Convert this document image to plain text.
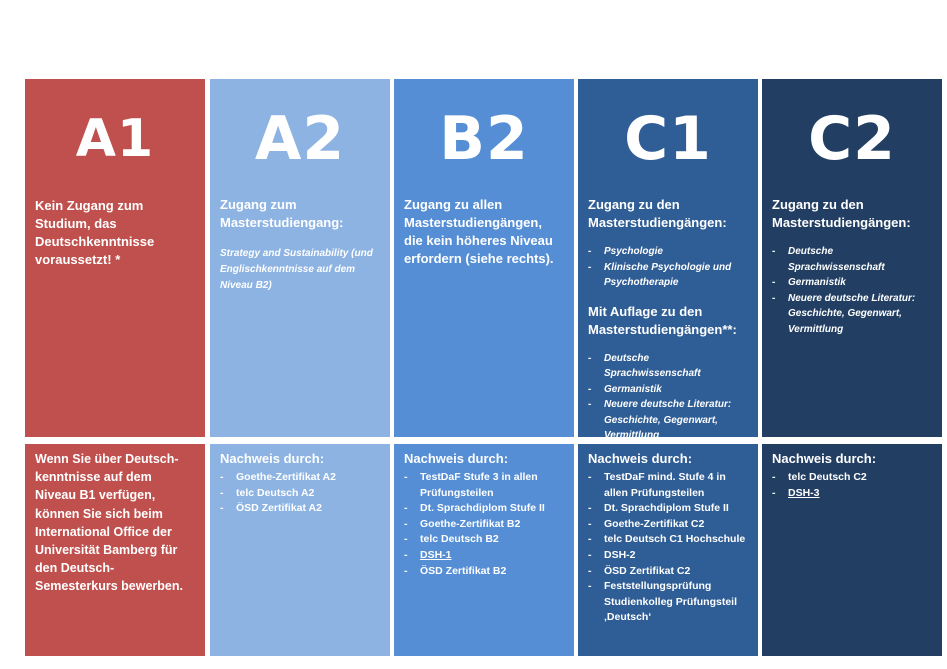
A1
Kein Zugang zum Studium, das Deutschkenntnisse voraussetzt! *
Wenn Sie über Deutsch-kenntnisse auf dem Niveau B1 verfügen, können Sie sich beim International Office der Universität Bamberg für den Deutsch-Semesterkurs bewerben.
A2
Zugang zum Masterstudiengang:
Strategy and Sustainability (und Englischkenntnisse auf dem Niveau B2)
Nachweis durch:
- Goethe-Zertifikat A2
- telc Deutsch A2
- ÖSD Zertifikat A2
B2
Zugang zu allen Masterstudiengängen, die kein höheres Niveau erfordern (siehe rechts).
Nachweis durch:
- TestDaF Stufe 3 in allen Prüfungsteilen
- Dt. Sprachdiplom Stufe II
- Goethe-Zertifikat B2
- telc Deutsch B2
- DSH-1
- ÖSD Zertifikat B2
C1
Zugang zu den Masterstudiengängen:
- Psychologie
- Klinische Psychologie und Psychotherapie
Mit Auflage zu den Masterstudiengängen**:
- Deutsche Sprachwissenschaft
- Germanistik
- Neuere deutsche Literatur: Geschichte, Gegenwart, Vermittlung
Nachweis durch:
- TestDaF mind. Stufe 4 in allen Prüfungsteilen
- Dt. Sprachdiplom Stufe II
- Goethe-Zertifikat C2
- telc Deutsch C1 Hochschule
- DSH-2
- ÖSD Zertifikat C2
- Feststellungsprüfung Studienkolleg Prüfungsteil ‚Deutsch‘
C2
Zugang zu den Masterstudiengängen:
- Deutsche Sprachwissenschaft
- Germanistik
- Neuere deutsche Literatur: Geschichte, Gegenwart, Vermittlung
Nachweis durch:
- telc Deutsch C2
- DSH-3
